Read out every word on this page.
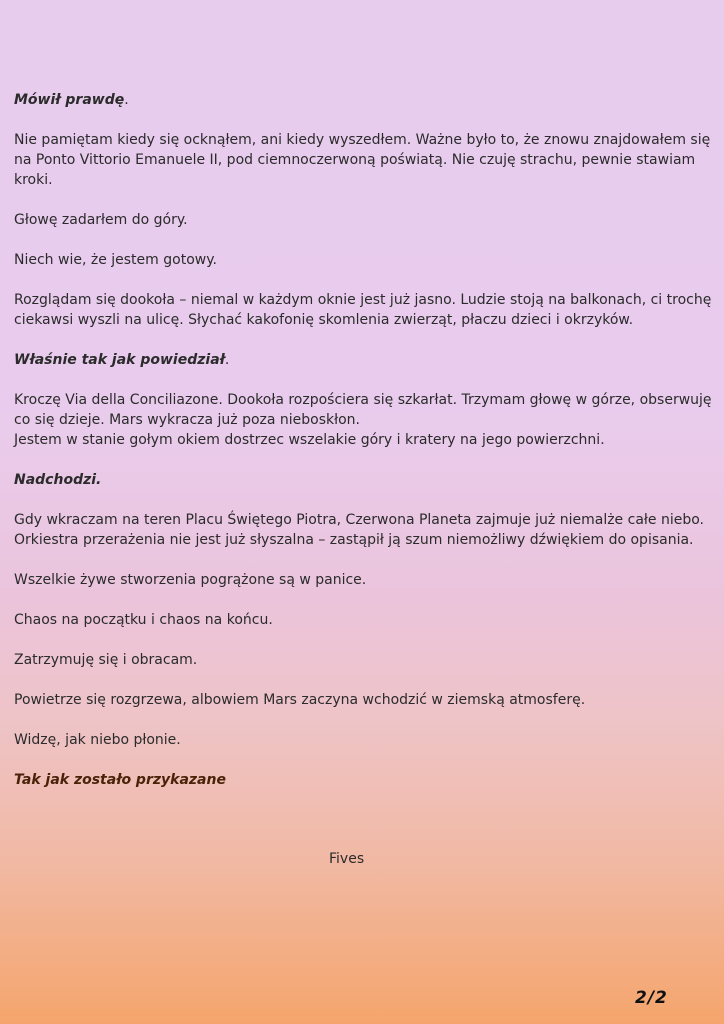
Mówił prawdę.

Nie pamiętam kiedy się ocknąłem, ani kiedy wyszedłem. Ważne było to, że znowu znajdowałem się na Ponto Vittorio Emanuele II, pod ciemnoczerwoną poświatą. Nie czuję strachu, pewnie stawiam kroki.

Głowę zadarłem do góry.

Niech wie, że jestem gotowy.

Rozglądam się dookoła – niemal w każdym oknie jest już jasno. Ludzie stoją na balkonach, ci trochę ciekawsi wyszli na ulicę. Słychać kakofonię skomlenia zwierząt, płaczu dzieci i okrzyków.

Właśnie tak jak powiedział.

Kroczę Via della Conciliazone. Dookoła rozpościera się szkarłat. Trzymam głowę w górze, obserwuję co się dzieje. Mars wykracza już poza nieboskłon.
Jestem w stanie gołym okiem dostrzec wszelakie góry i kratery na jego powierzchni.

Nadchodzi.

Gdy wkraczam na teren Placu Świętego Piotra, Czerwona Planeta zajmuje już niemalże całe niebo. Orkiestra przerażenia nie jest już słyszalna – zastąpił ją szum niemożliwy dźwiękiem do opisania.

Wszelkie żywe stworzenia pogrążone są w panice.

Chaos na początku i chaos na końcu.

Zatrzymuję się i obracam.

Powietrze się rozgrzewa, albowiem Mars zaczyna wchodzić w ziemską atmosferę.

Widzę, jak niebo płonie.

Tak jak zostało przykazane

Fives
2/2
